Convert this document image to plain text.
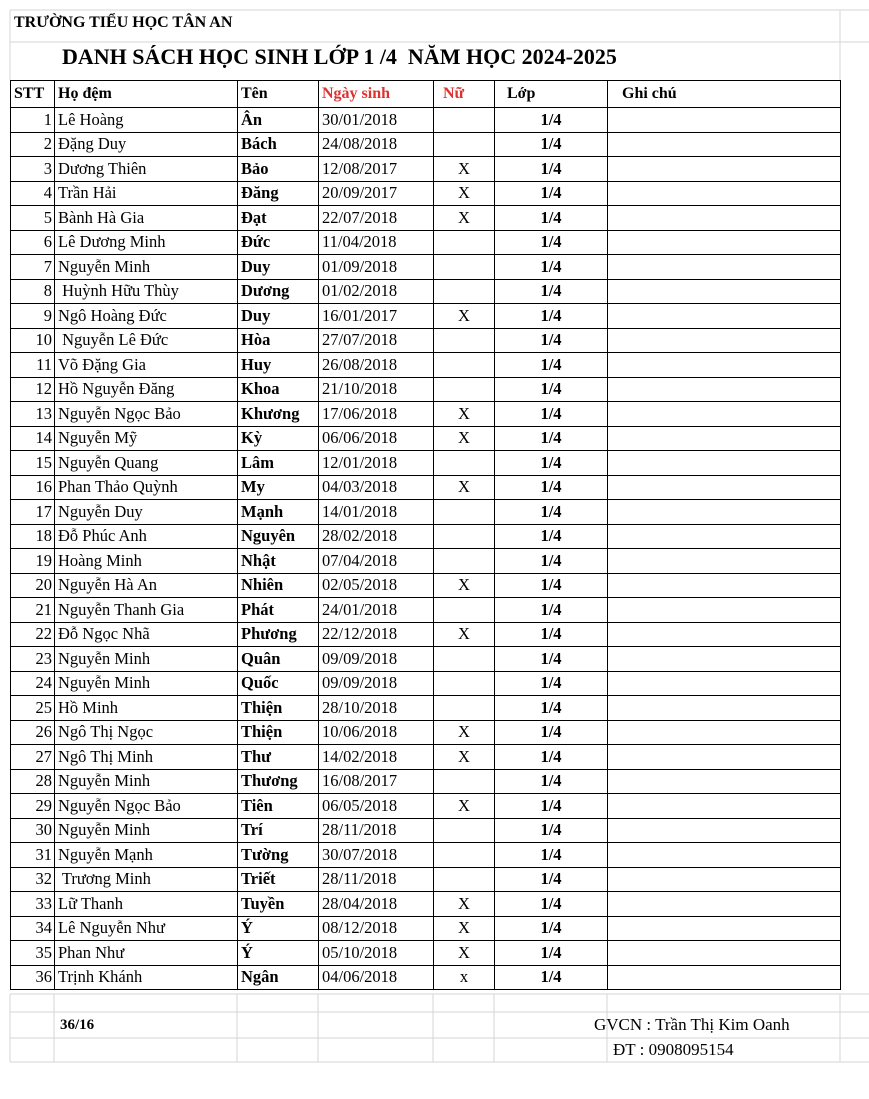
TRƯỜNG TIỂU HỌC TÂN AN
DANH SÁCH HỌC SINH LỚP 1 /4  NĂM HỌC 2024-2025
STT	Họ đệm	Tên	Ngày sinh	Nữ	Lớp	Ghi chú
1	Lê Hoàng	Ân	30/01/2018		1/4	
2	Đặng Duy	Bách	24/08/2018		1/4	
3	Dương Thiên	Bảo	12/08/2017	X	1/4	
4	Trần Hải	Đăng	20/09/2017	X	1/4	
5	Bành Hà Gia	Đạt	22/07/2018	X	1/4	
6	Lê Dương Minh	Đức	11/04/2018		1/4	
7	Nguyễn Minh	Duy	01/09/2018		1/4	
8	Huỳnh Hữu Thùy	Dương	01/02/2018		1/4	
9	Ngô Hoàng Đức	Duy	16/01/2017	X	1/4	
10	Nguyễn Lê Đức	Hòa	27/07/2018		1/4	
11	Võ Đặng Gia	Huy	26/08/2018		1/4	
12	Hồ Nguyễn Đăng	Khoa	21/10/2018		1/4	
13	Nguyễn Ngọc Bảo	Khương	17/06/2018	X	1/4	
14	Nguyễn Mỹ	Kỳ	06/06/2018	X	1/4	
15	Nguyễn Quang	Lâm	12/01/2018		1/4	
16	Phan Thảo Quỳnh	My	04/03/2018	X	1/4	
17	Nguyễn Duy	Mạnh	14/01/2018		1/4	
18	Đỗ Phúc Anh	Nguyên	28/02/2018		1/4	
19	Hoàng Minh	Nhật	07/04/2018		1/4	
20	Nguyễn Hà An	Nhiên	02/05/2018	X	1/4	
21	Nguyễn Thanh Gia	Phát	24/01/2018		1/4	
22	Đỗ Ngọc Nhã	Phương	22/12/2018	X	1/4	
23	Nguyễn Minh	Quân	09/09/2018		1/4	
24	Nguyễn Minh	Quốc	09/09/2018		1/4	
25	Hồ Minh	Thiện	28/10/2018		1/4	
26	Ngô Thị Ngọc	Thiện	10/06/2018	X	1/4	
27	Ngô Thị Minh	Thư	14/02/2018	X	1/4	
28	Nguyễn Minh	Thương	16/08/2017		1/4	
29	Nguyễn Ngọc Bảo	Tiên	06/05/2018	X	1/4	
30	Nguyễn Minh	Trí	28/11/2018		1/4	
31	Nguyễn Mạnh	Tường	30/07/2018		1/4	
32	Trương Minh	Triết	28/11/2018		1/4	
33	Lữ Thanh	Tuyền	28/04/2018	X	1/4	
34	Lê Nguyễn Như	Ý	08/12/2018	X	1/4	
35	Phan Như	Ý	05/10/2018	X	1/4	
36	Trịnh Khánh	Ngân	04/06/2018	x	1/4	
36/16	GVCN : Trần Thị Kim Oanh
ĐT : 0908095154
